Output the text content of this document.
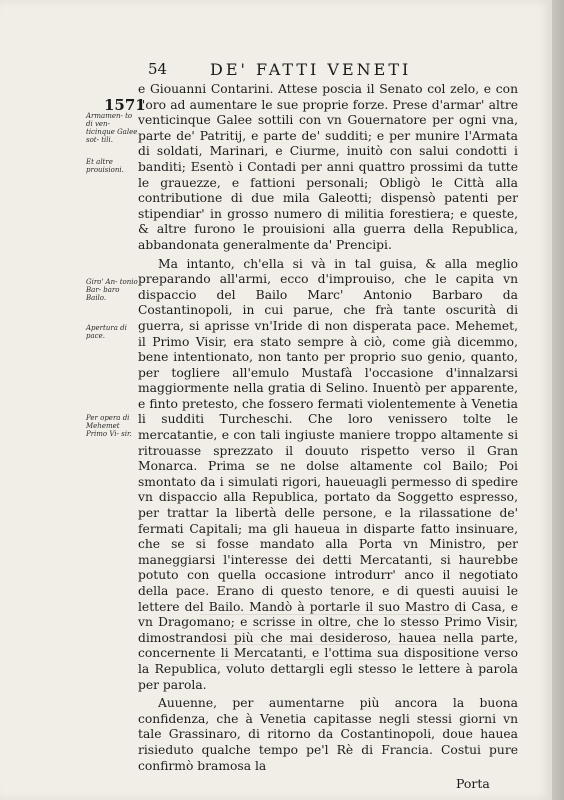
54	DE' FATTI VENETI
1571
Armamen- to di ven- ticinque Galee sot- tili.
Et altre prouisioni.
Giro' An- tonio Bar- baro Bailo.
Apertura di pace.
Per opera di Mehemet Primo Vi- sir.

e Giouanni Contarini. Attese poscia il Senato col zelo, e con l'oro ad aumentare le sue proprie forze. Prese d'armar' altre venticinque Galee sottili con vn Gouernatore per ogni vna, parte de' Patritij, e parte de' sudditi; e per munire l'Armata di soldati, Marinari, e Ciurme, inuitò con salui condotti i banditi; Esentò i Contadi per anni quattro prossimi da tutte le grauezze, e fattioni personali; Obligò le Città alla contributione di due mila Galeotti; dispensò patenti per stipendiar' in grosso numero di militia forestiera; e queste, & altre furono le prouisioni alla guerra della Republica, abbandonata generalmente da' Prencipi.

Ma intanto, ch'ella si và in tal guisa, & alla meglio preparando all'armi, ecco d'improuiso, che le capita vn dispaccio del Bailo Marc' Antonio Barbaro da Costantinopoli, in cui parue, che frà tante oscurità di guerra, si aprisse vn'Iride di non disperata pace. Mehemet, il Primo Visir, era stato sempre à ciò, come già dicemmo, bene intentionato, non tanto per proprio suo genio, quanto, per togliere all'emulo Mustafà l'occasione d'innalzarsi maggiormente nella gratia di Selino. Inuentò per apparente, e finto pretesto, che fossero fermati violentemente à Venetia li sudditi Turcheschi. Che loro venissero tolte le mercatantie, e con tali ingiuste maniere troppo altamente si ritrouasse sprezzato il douuto rispetto verso il Gran Monarca. Prima se ne dolse altamente col Bailo; Poi smontato da i simulati rigori, haueuagli permesso di spedire vn dispaccio alla Republica, portato da Soggetto espresso, per trattar la libertà delle persone, e la rilassatione de' fermati Capitali; ma gli haueua in disparte fatto insinuare, che se si fosse mandato alla Porta vn Ministro, per maneggiarsi l'interesse dei detti Mercatanti, si haurebbe potuto con quella occasione introdurr' anco il negotiato della pace. Erano di questo tenore, e di questi auuisi le lettere del Bailo. Mandò à portarle il suo Mastro di Casa, e vn Dragomano; e scrisse in oltre, che lo stesso Primo Visir, dimostrandosi più che mai desideroso, hauea nella parte, concernente li Mercatanti, e l'ottima sua dispositione verso la Republica, voluto dettargli egli stesso le lettere à parola per parola.

Auuenne, per aumentarne più ancora la buona confidenza, che à Venetia capitasse negli stessi giorni vn tale Grassinaro, di ritorno da Costantinopoli, doue hauea risieduto qualche tempo pe'l Rè di Francia. Costui pure confirmò bramosa la

Porta
